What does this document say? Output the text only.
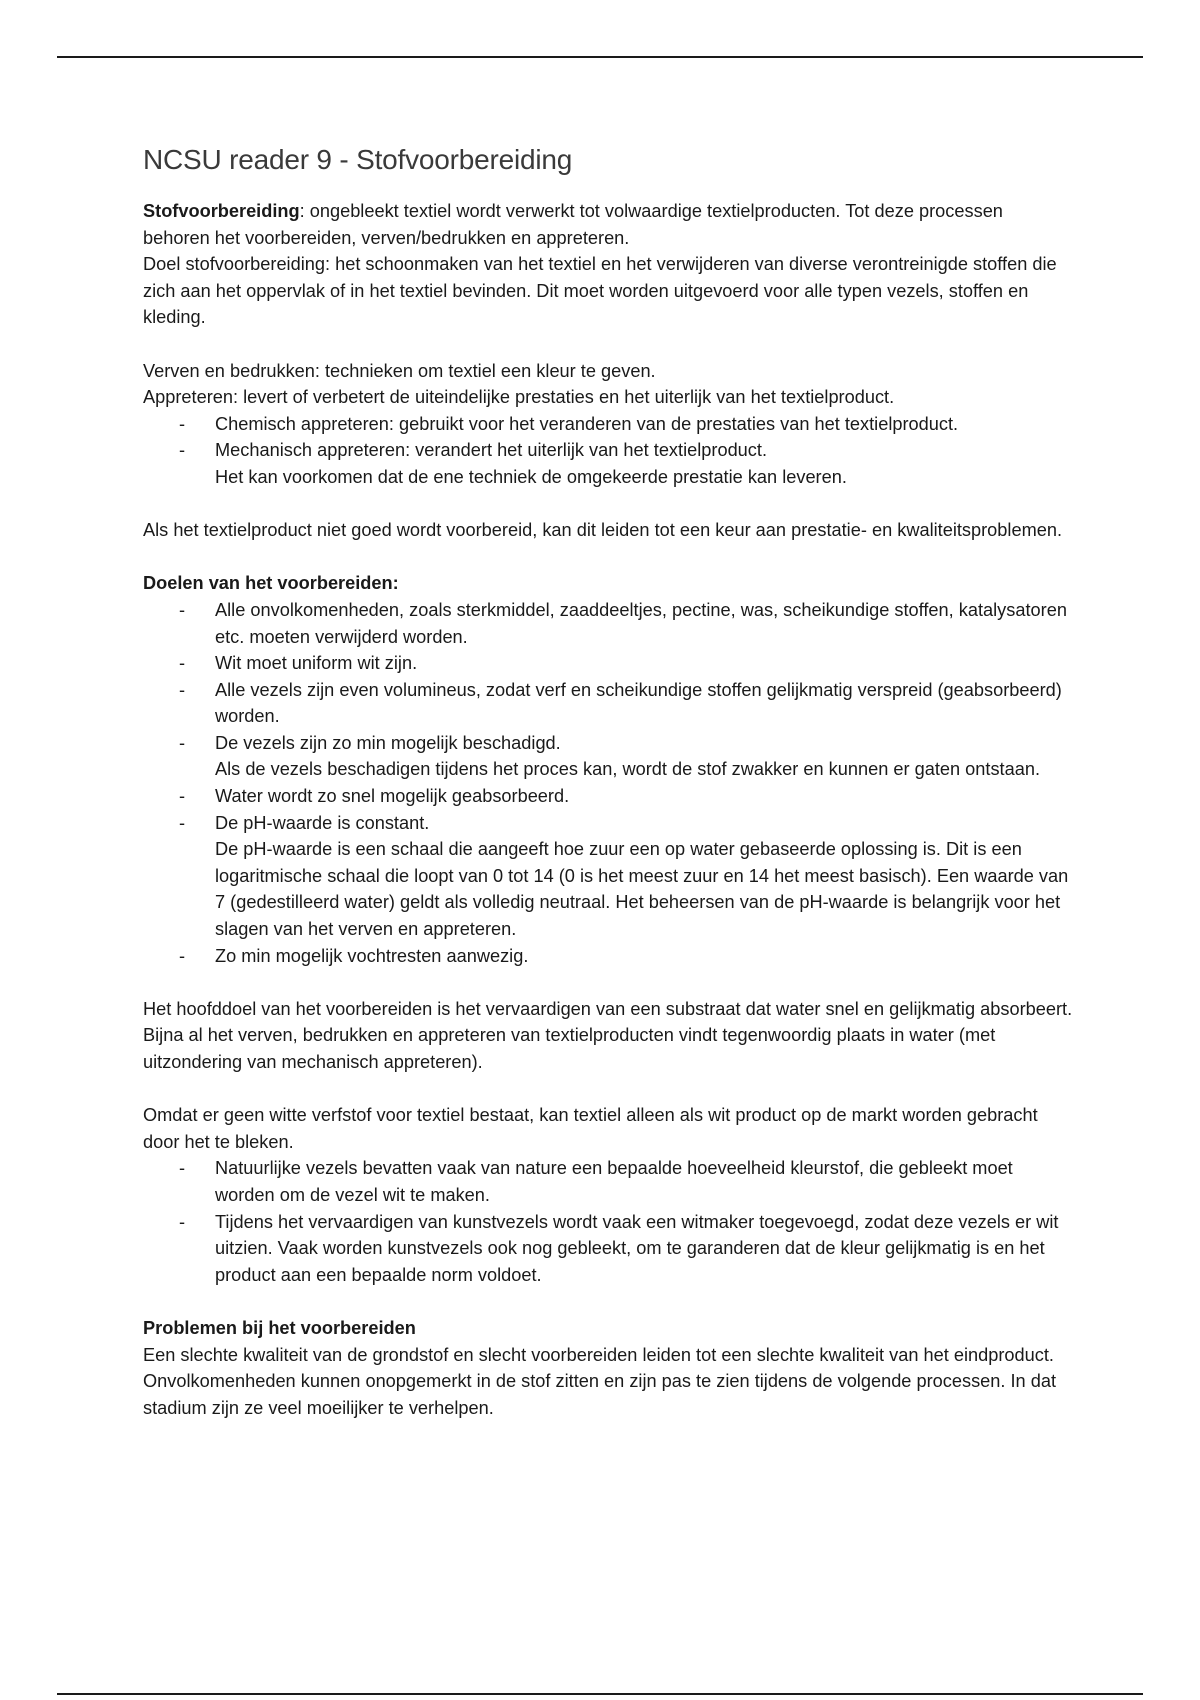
NCSU reader 9 - Stofvoorbereiding

Stofvoorbereiding: ongebleekt textiel wordt verwerkt tot volwaardige textielproducten. Tot deze processen behoren het voorbereiden, verven/bedrukken en appreteren.

Doel stofvoorbereiding: het schoonmaken van het textiel en het verwijderen van diverse verontreinigde stoffen die zich aan het oppervlak of in het textiel bevinden. Dit moet worden uitgevoerd voor alle typen vezels, stoffen en kleding.

Verven en bedrukken: technieken om textiel een kleur te geven.

Appreteren: levert of verbetert de uiteindelijke prestaties en het uiterlijk van het textielproduct.

- Chemisch appreteren: gebruikt voor het veranderen van de prestaties van het textielproduct.
- Mechanisch appreteren: verandert het uiterlijk van het textielproduct.
Het kan voorkomen dat de ene techniek de omgekeerde prestatie kan leveren.

Als het textielproduct niet goed wordt voorbereid, kan dit leiden tot een keur aan prestatie- en kwaliteitsproblemen.

Doelen van het voorbereiden:

- Alle onvolkomenheden, zoals sterkmiddel, zaaddeeltjes, pectine, was, scheikundige stoffen, katalysatoren etc. moeten verwijderd worden.
- Wit moet uniform wit zijn.
- Alle vezels zijn even volumineus, zodat verf en scheikundige stoffen gelijkmatig verspreid (geabsorbeerd) worden.
- De vezels zijn zo min mogelijk beschadigd.
Als de vezels beschadigen tijdens het proces kan, wordt de stof zwakker en kunnen er gaten ontstaan.
- Water wordt zo snel mogelijk geabsorbeerd.
- De pH-waarde is constant.
De pH-waarde is een schaal die aangeeft hoe zuur een op water gebaseerde oplossing is. Dit is een logaritmische schaal die loopt van 0 tot 14 (0 is het meest zuur en 14 het meest basisch). Een waarde van 7 (gedestilleerd water) geldt als volledig neutraal. Het beheersen van de pH-waarde is belangrijk voor het slagen van het verven en appreteren.
- Zo min mogelijk vochtresten aanwezig.

Het hoofddoel van het voorbereiden is het vervaardigen van een substraat dat water snel en gelijkmatig absorbeert. Bijna al het verven, bedrukken en appreteren van textielproducten vindt tegenwoordig plaats in water (met uitzondering van mechanisch appreteren).

Omdat er geen witte verfstof voor textiel bestaat, kan textiel alleen als wit product op de markt worden gebracht door het te bleken.

- Natuurlijke vezels bevatten vaak van nature een bepaalde hoeveelheid kleurstof, die gebleekt moet worden om de vezel wit te maken.
- Tijdens het vervaardigen van kunstvezels wordt vaak een witmaker toegevoegd, zodat deze vezels er wit uitzien. Vaak worden kunstvezels ook nog gebleekt, om te garanderen dat de kleur gelijkmatig is en het product aan een bepaalde norm voldoet.

Problemen bij het voorbereiden

Een slechte kwaliteit van de grondstof en slecht voorbereiden leiden tot een slechte kwaliteit van het eindproduct. Onvolkomenheden kunnen onopgemerkt in de stof zitten en zijn pas te zien tijdens de volgende processen. In dat stadium zijn ze veel moeilijker te verhelpen.
